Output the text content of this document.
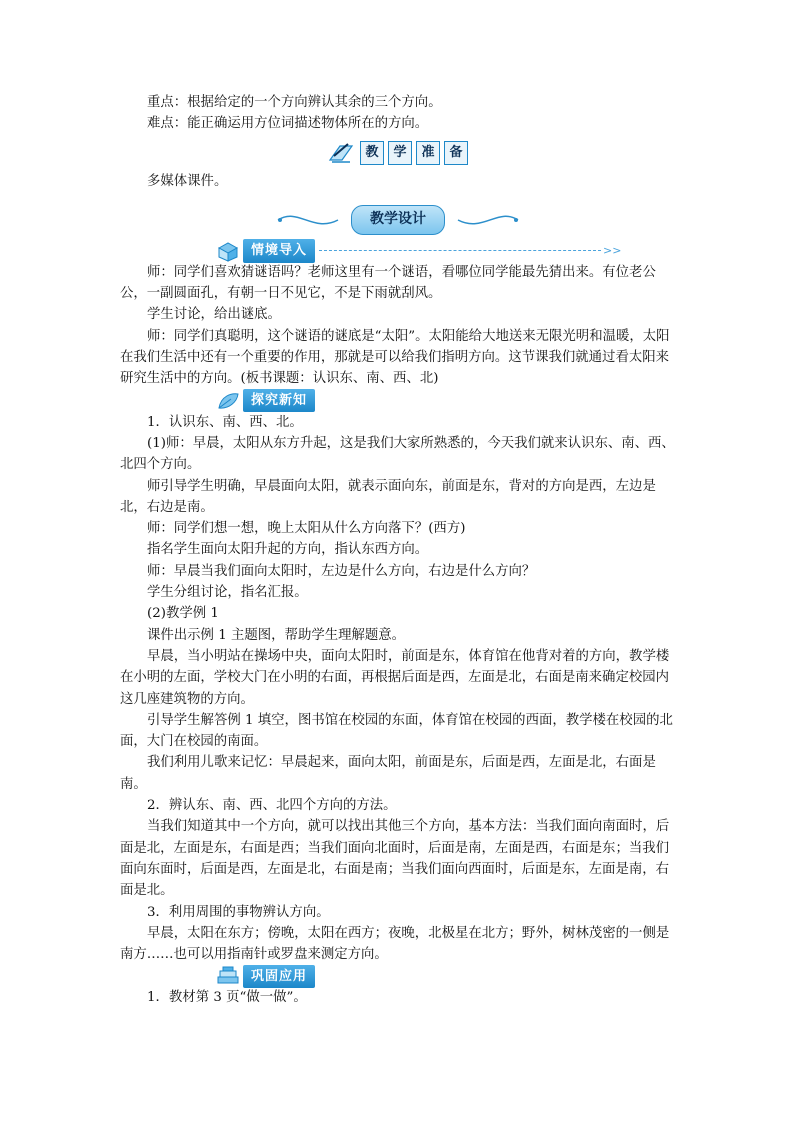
重点：根据给定的一个方向辨认其余的三个方向。

难点：能正确运用方位词描述物体所在的方向。

教	学	准	备

多媒体课件。

教学设计
情境导入	>>

师：同学们喜欢猜谜语吗？老师这里有一个谜语，看哪位同学能最先猜出来。有位老公公，一副圆面孔，有朝一日不见它，不是下雨就刮风。

学生讨论，给出谜底。

师：同学们真聪明，这个谜语的谜底是“太阳”。太阳能给大地送来无限光明和温暖，太阳在我们生活中还有一个重要的作用，那就是可以给我们指明方向。这节课我们就通过看太阳来研究生活中的方向。(板书课题：认识东、南、西、北)

探究新知

1．认识东、南、西、北。

(1)师：早晨，太阳从东方升起，这是我们大家所熟悉的，今天我们就来认识东、南、西、北四个方向。

师引导学生明确，早晨面向太阳，就表示面向东，前面是东，背对的方向是西，左边是北，右边是南。

师：同学们想一想，晚上太阳从什么方向落下？(西方)

指名学生面向太阳升起的方向，指认东西方向。

师：早晨当我们面向太阳时，左边是什么方向，右边是什么方向？

学生分组讨论，指名汇报。

(2)教学例 1

课件出示例 1 主题图，帮助学生理解题意。

早晨，当小明站在操场中央，面向太阳时，前面是东，体育馆在他背对着的方向，教学楼在小明的左面，学校大门在小明的右面，再根据后面是西，左面是北，右面是南来确定校园内这几座建筑物的方向。

引导学生解答例 1 填空，图书馆在校园的东面，体育馆在校园的西面，教学楼在校园的北面，大门在校园的南面。

我们利用儿歌来记忆：早晨起来，面向太阳，前面是东，后面是西，左面是北，右面是南。

2．辨认东、南、西、北四个方向的方法。

当我们知道其中一个方向，就可以找出其他三个方向，基本方法：当我们面向南面时，后面是北，左面是东，右面是西；当我们面向北面时，后面是南，左面是西，右面是东；当我们面向东面时，后面是西，左面是北，右面是南；当我们面向西面时，后面是东，左面是南，右面是北。

3．利用周围的事物辨认方向。

早晨，太阳在东方；傍晚，太阳在西方；夜晚，北极星在北方；野外，树林茂密的一侧是南方……也可以用指南针或罗盘来测定方向。

巩固应用

1．教材第 3 页“做一做”。
